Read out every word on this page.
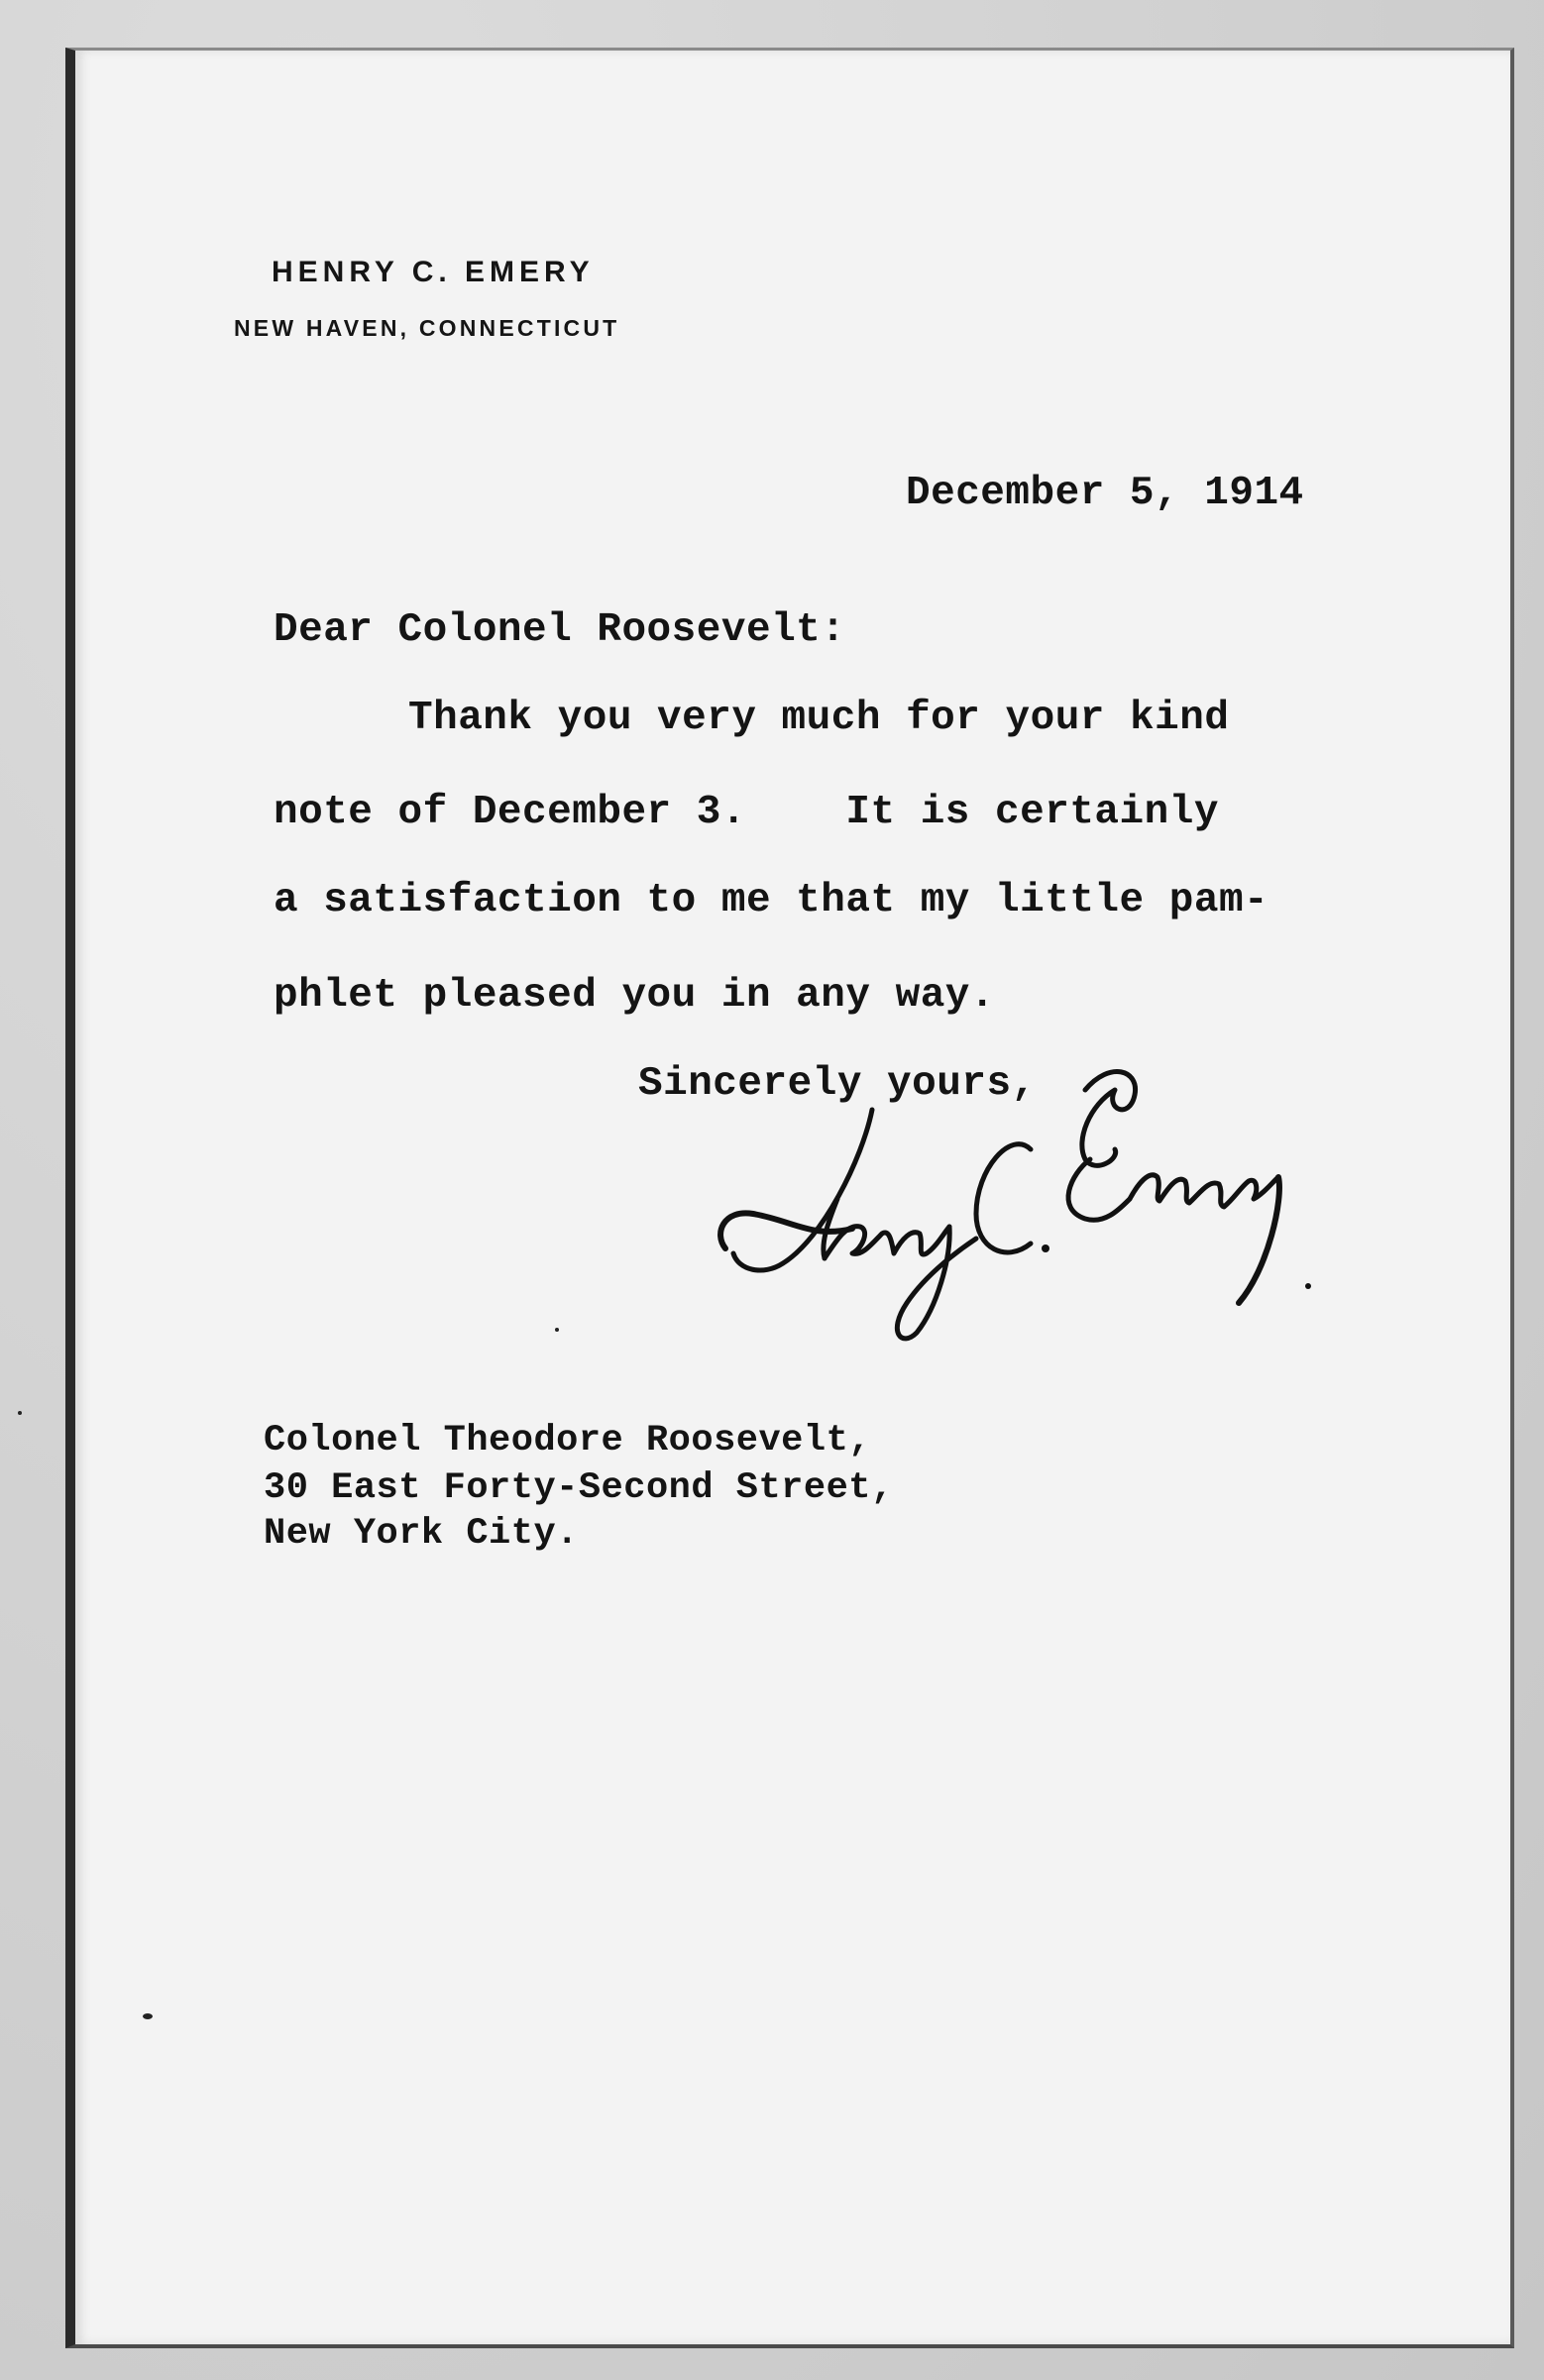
HENRY C. EMERY
NEW HAVEN, CONNECTICUT
December 5, 1914
Dear Colonel Roosevelt:
Thank you very much for your kind
note of December 3.    It is certainly
a satisfaction to me that my little pam-
phlet pleased you in any way.
Sincerely yours,
Colonel Theodore Roosevelt,
30 East Forty-Second Street,
New York City.
